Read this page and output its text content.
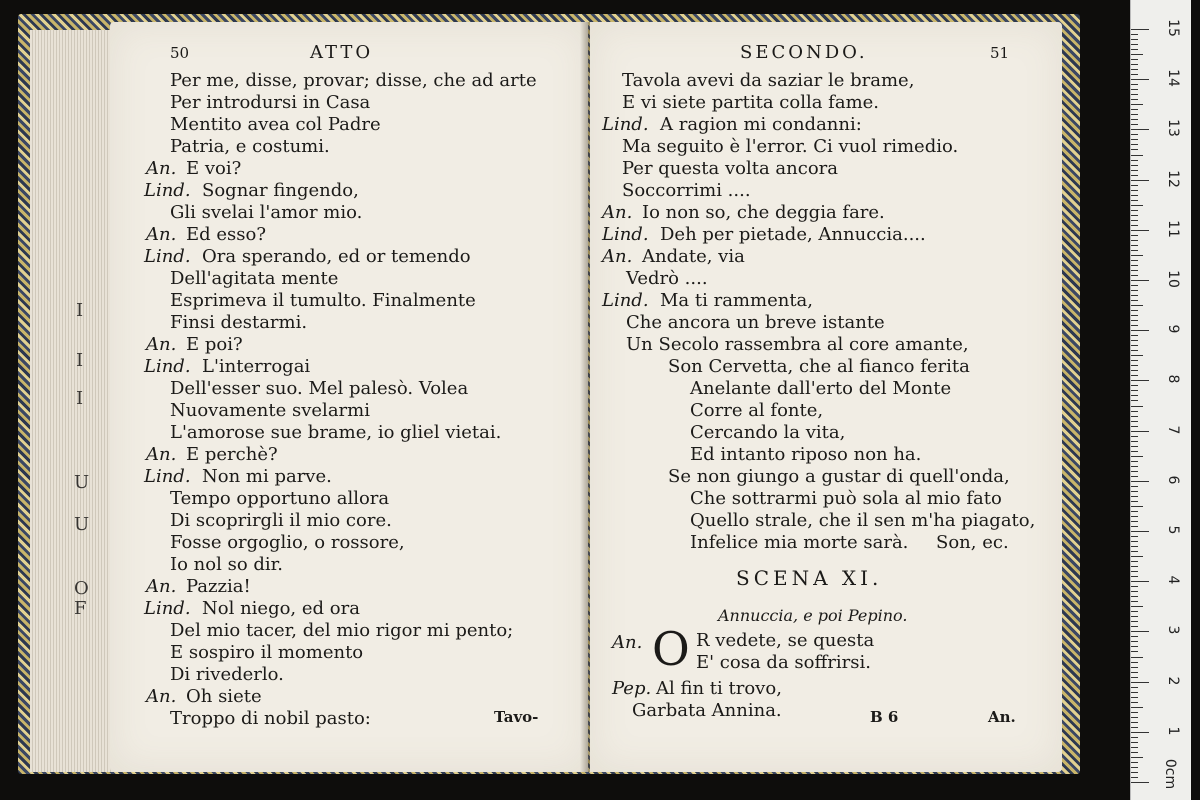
I
I
I
U
U
O
F
50	ATTO
Per me, disse, provar; disse, che ad arte
Per introdursi in Casa
Mentito avea col Padre
Patria, e costumi.
An. E voi?
Lind. Sognar fingendo,
Gli svelai l'amor mio.
An. Ed esso?
Lind. Ora sperando, ed or temendo
Dell'agitata mente
Esprimeva il tumulto. Finalmente
Finsi destarmi.
An. E poi?
Lind. L'interrogai
Dell'esser suo. Mel palesò. Volea
Nuovamente svelarmi
L'amorose sue brame, io gliel vietai.
An. E perchè?
Lind. Non mi parve.
Tempo opportuno allora
Di scoprirgli il mio core.
Fosse orgoglio, o rossore,
Io nol so dir.
An. Pazzia!
Lind. Nol niego, ed ora
Del mio tacer, del mio rigor mi pento;
E sospiro il momento
Di rivederlo.
An. Oh siete
Troppo di nobil pasto:	Tavo-
SECONDO.	51
Tavola avevi da saziar le brame,
E vi siete partita colla fame.
Lind. A ragion mi condanni:
Ma seguito è l'error. Ci vuol rimedio.
Per questa volta ancora
Soccorrimi ....
An. Io non so, che deggia fare.
Lind. Deh per pietade, Annuccia....
An. Andate, via
Vedrò ....
Lind. Ma ti rammenta,
Che ancora un breve istante
Un Secolo rassembra al core amante,
Son Cervetta, che al fianco ferita
Anelante dall'erto del Monte
Corre al fonte,
Cercando la vita,
Ed intanto riposo non ha.
Se non giungo a gustar di quell'onda,
Che sottrarmi può sola al mio fato
Quello strale, che il sen m'ha piagato,
Infelice mia morte sarà. Son, ec.
SCENA XI.
Annuccia, e poi Pepino.
An. O R vedete, se questa
E' cosa da soffrirsi.
Pep. Al fin ti trovo,
Garbata Annina.	B 6	An.
0cm
1
2
3
4
5
6
7
8
9
10
11
12
13
14
15
